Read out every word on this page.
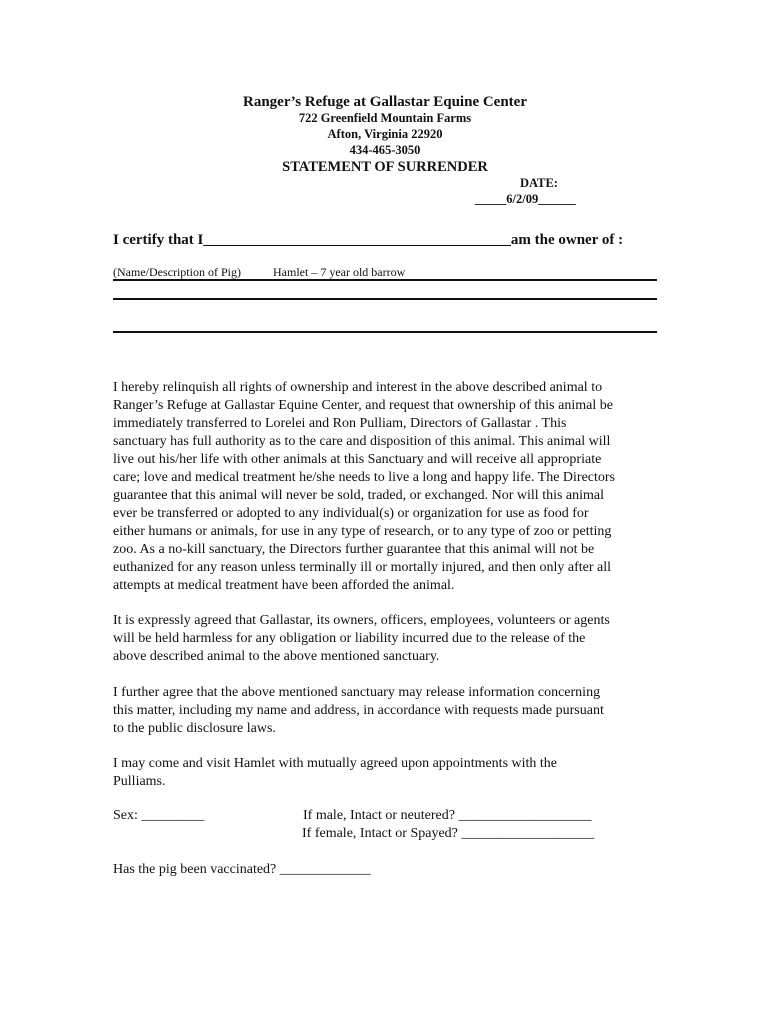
Ranger’s Refuge at Gallastar Equine Center
722 Greenfield Mountain Farms
Afton, Virginia 22920
434-465-3050
STATEMENT OF SURRENDER
DATE:
_____6/2/09______
I certify that I_________________________________________am the owner of :
(Name/Description of Pig)	Hamlet – 7 year old barrow
I hereby relinquish all rights of ownership and interest in the above described animal to
Ranger’s Refuge at Gallastar Equine Center, and request that ownership of this animal be
immediately transferred to Lorelei and Ron Pulliam, Directors of Gallastar . This
sanctuary has full authority as to the care and disposition of this animal. This animal will
live out his/her life with other animals at this Sanctuary and will receive all appropriate
care; love and medical treatment he/she needs to live a long and happy life. The Directors
guarantee that this animal will never be sold, traded, or exchanged. Nor will this animal
ever be transferred or adopted to any individual(s) or organization for use as food for
either humans or animals, for use in any type of research, or to any type of zoo or petting
zoo. As a no-kill sanctuary, the Directors further guarantee that this animal will not be
euthanized for any reason unless terminally ill or mortally injured, and then only after all
attempts at medical treatment have been afforded the animal.
It is expressly agreed that Gallastar, its owners, officers, employees, volunteers or agents
will be held harmless for any obligation or liability incurred due to the release of the
above described animal to the above mentioned sanctuary.
I further agree that the above mentioned sanctuary may release information concerning
this matter, including my name and address, in accordance with requests made pursuant
to the public disclosure laws.
I may come and visit Hamlet with mutually agreed upon appointments with the
Pulliams.
Sex: _________	If male, Intact or neutered? ___________________
If female, Intact or Spayed? ___________________
Has the pig been vaccinated? _____________
